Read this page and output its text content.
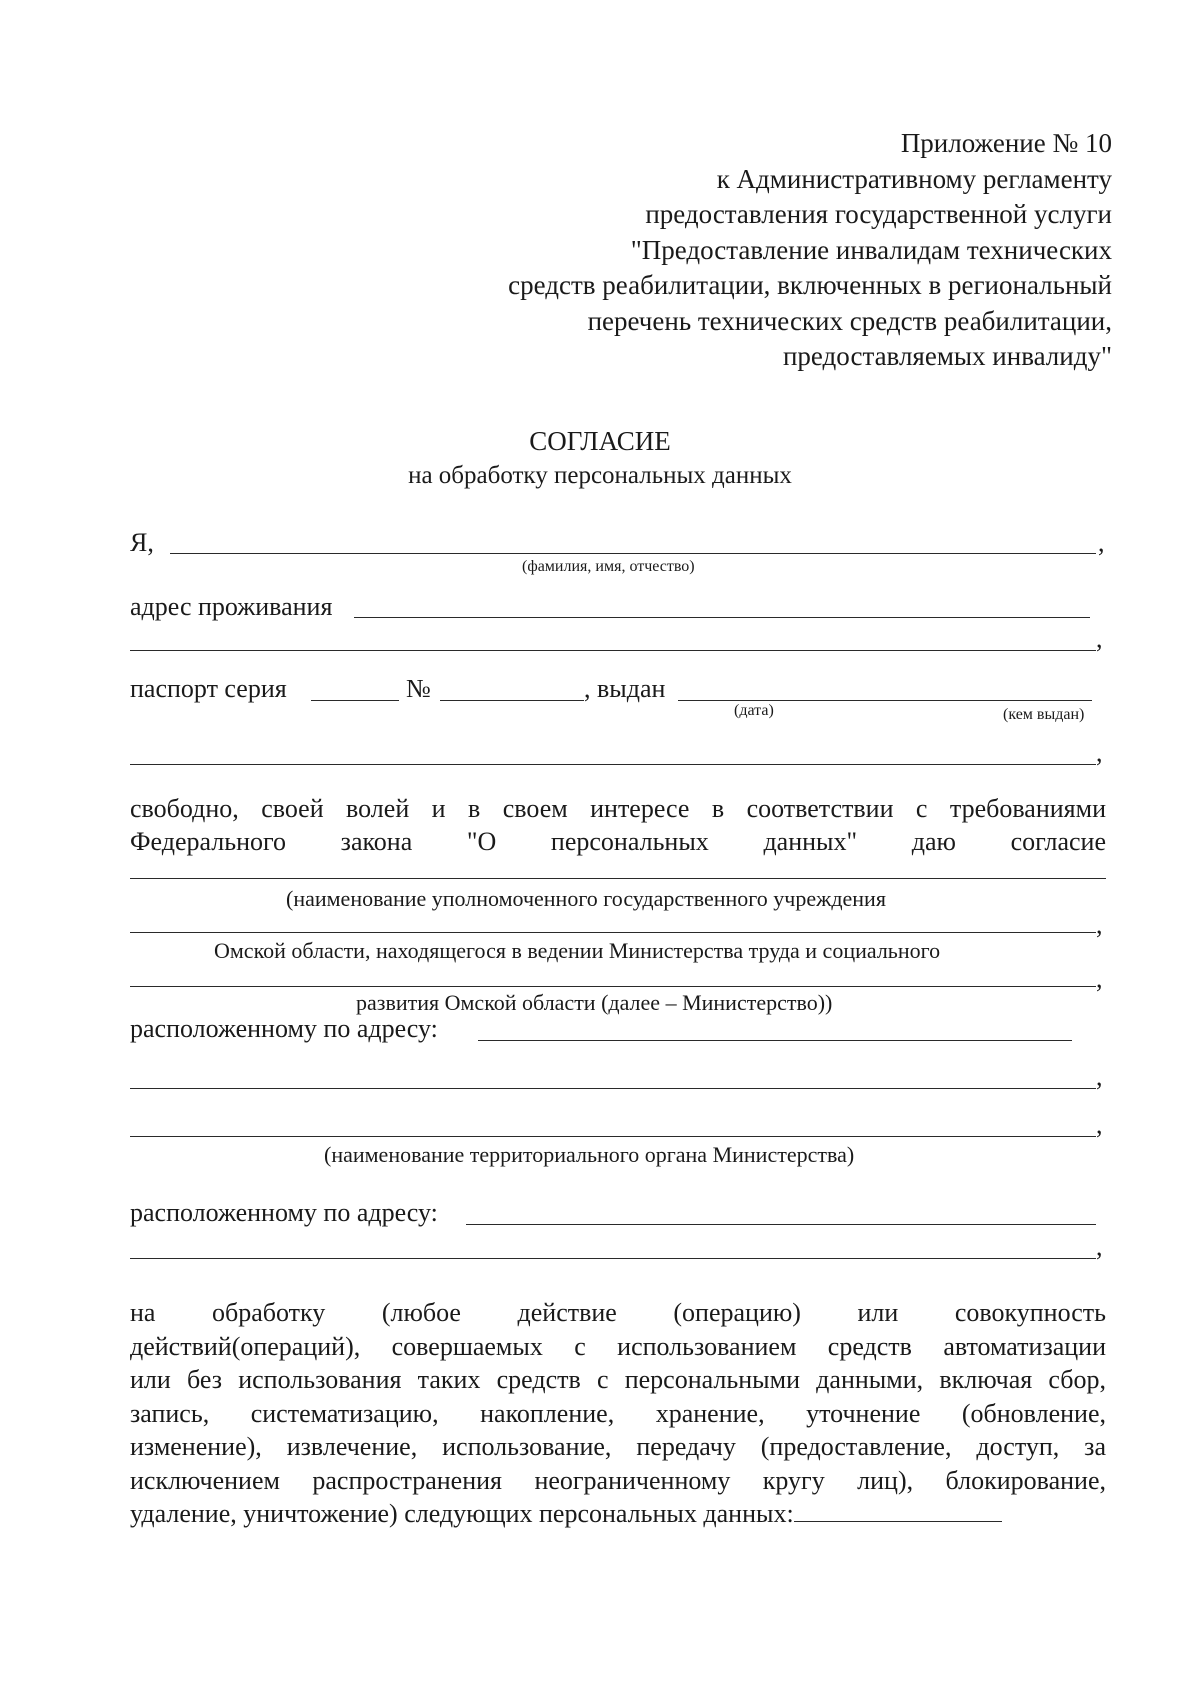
Приложение № 10
к Административному регламенту
предоставления государственной услуги
"Предоставление инвалидам технических
средств реабилитации, включенных в региональный
перечень технических средств реабилитации,
предоставляемых инвалиду"
СОГЛАСИЕ
на обработку персональных данных
Я,	,
(фамилия, имя, отчество)
адрес проживания
,
паспорт серия	№	, выдан
(дата)	(кем выдан)
,
свободно, своей волей и в своем интересе в соответствии с требованиями
Федерального закона "О персональных данных" даю согласие
(наименование уполномоченного государственного учреждения
,
Омской области, находящегося в ведении Министерства труда и социального
,
развития Омской области (далее – Министерство))
расположенному по адресу:
,
,
(наименование территориального органа Министерства)
расположенному по адресу:
,
на обработку (любое действие (операцию) или совокупность
действий(операций), совершаемых с использованием средств автоматизации
или без использования таких средств с персональными данными, включая сбор,
запись, систематизацию, накопление, хранение, уточнение (обновление,
изменение), извлечение, использование, передачу (предоставление, доступ, за
исключением распространения неограниченному кругу лиц), блокирование,
удаление, уничтожение) следующих персональных данных:
